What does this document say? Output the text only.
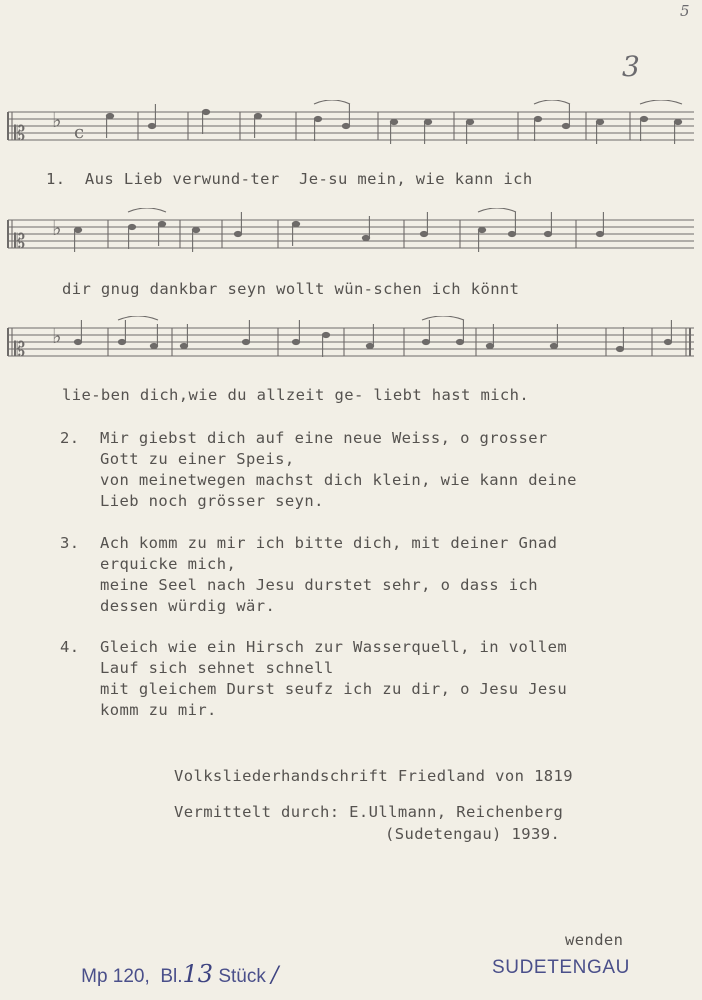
5
3
𝄡
♭
c
1.  Aus Lieb verwund-ter  Je-su mein, wie kann ich
𝄡
♭
dir gnug dankbar seyn wollt wün-schen ich könnt
𝄡
♭
lie-ben dich,wie du allzeit ge- liebt hast mich.
2. Mir giebst dich auf eine neue Weiss, o grosser
Gott zu einer Speis,
von meinetwegen machst dich klein, wie kann deine
Lieb noch grösser seyn.
3. Ach komm zu mir ich bitte dich, mit deiner Gnad
erquicke mich,
meine Seel nach Jesu durstet sehr, o dass ich
dessen würdig wär.
4. Gleich wie ein Hirsch zur Wasserquell, in vollem
Lauf sich sehnet schnell
mit gleichem Durst seufz ich zu dir, o Jesu Jesu
komm zu mir.
Volksliederhandschrift Friedland von 1819
Vermittelt durch: E.Ullmann, Reichenberg
(Sudetengau) 1939.

Mp 120,  Bl.13 Stück /

wenden
SUDETENGAU
